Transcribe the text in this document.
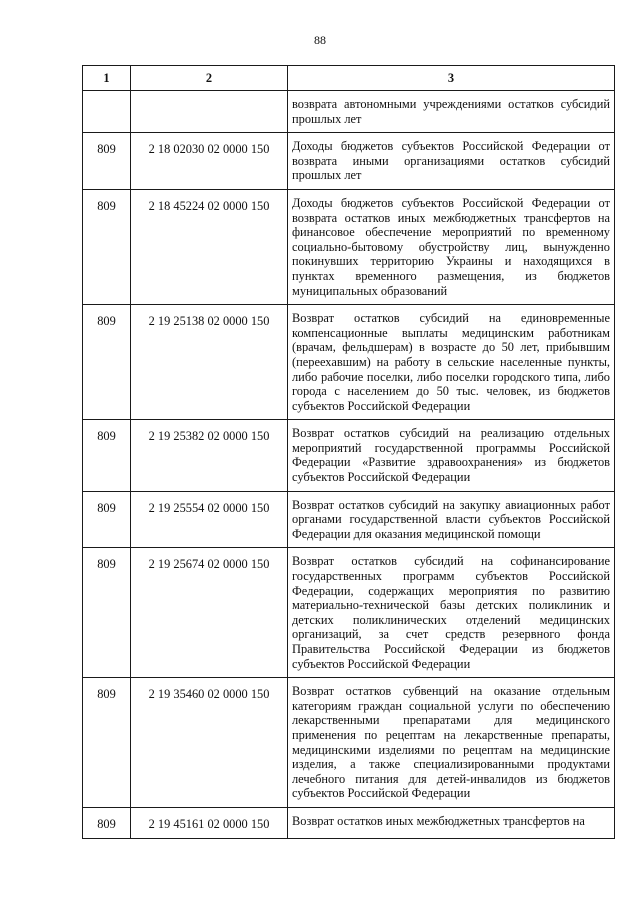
88
1	2	3
		возврата автономными учреждениями остатков субсидий прошлых лет
809	2 18 02030 02 0000 150	Доходы бюджетов субъектов Российской Федерации от возврата иными организациями остатков субсидий прошлых лет
809	2 18 45224 02 0000 150	Доходы бюджетов субъектов Российской Федерации от возврата остатков иных межбюджетных трансфертов на финансовое обеспечение мероприятий по временному социально-бытовому обустройству лиц, вынужденно покинувших территорию Украины и находящихся в пунктах временного размещения, из бюджетов муниципальных образований
809	2 19 25138 02 0000 150	Возврат остатков субсидий на единовременные компенсационные выплаты медицинским работникам (врачам, фельдшерам) в возрасте до 50 лет, прибывшим (переехавшим) на работу в сельские населенные пункты, либо рабочие поселки, либо поселки городского типа, либо города с населением до 50 тыс. человек, из бюджетов субъектов Российской Федерации
809	2 19 25382 02 0000 150	Возврат остатков субсидий на реализацию отдельных мероприятий государственной программы Российской Федерации «Развитие здравоохранения» из бюджетов субъектов Российской Федерации
809	2 19 25554 02 0000 150	Возврат остатков субсидий на закупку авиационных работ органами государственной власти субъектов Российской Федерации для оказания медицинской помощи
809	2 19 25674 02 0000 150	Возврат остатков субсидий на софинансирование государственных программ субъектов Российской Федерации, содержащих мероприятия по развитию материально-технической базы детских поликлиник и детских поликлинических отделений медицинских организаций, за счет средств резервного фонда Правительства Российской Федерации из бюджетов субъектов Российской Федерации
809	2 19 35460 02 0000 150	Возврат остатков субвенций на оказание отдельным категориям граждан социальной услуги по обеспечению лекарственными препаратами для медицинского применения по рецептам на лекарственные препараты, медицинскими изделиями по рецептам на медицинские изделия, а также специализированными продуктами лечебного питания для детей-инвалидов из бюджетов субъектов Российской Федерации
809	2 19 45161 02 0000 150	Возврат остатков иных межбюджетных трансфертов на
